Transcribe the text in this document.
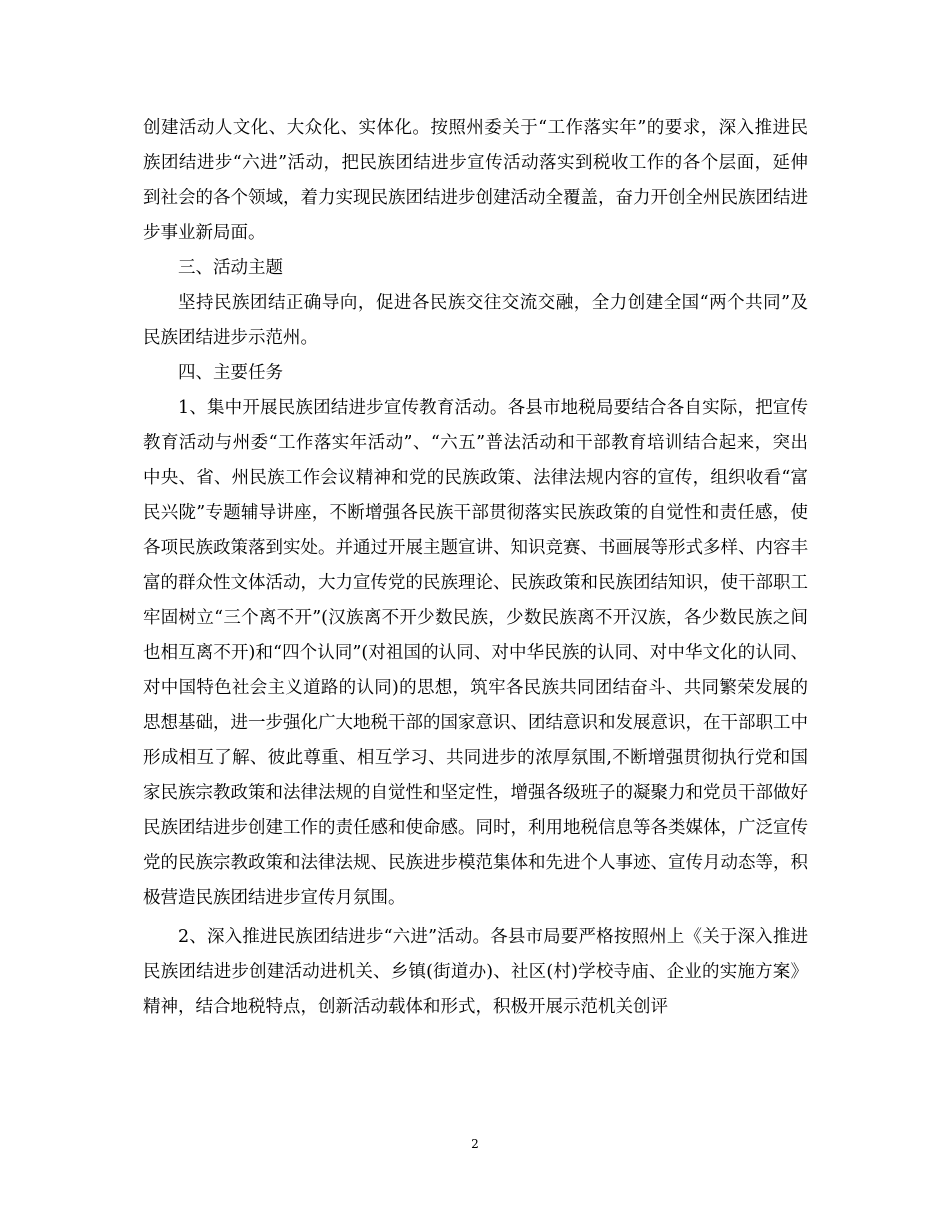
创建活动人文化、大众化、实体化。按照州委关于“工作落实年”的要求，深入推进民族团结进步“六进”活动，把民族团结进步宣传活动落实到税收工作的各个层面，延伸到社会的各个领域，着力实现民族团结进步创建活动全覆盖，奋力开创全州民族团结进步事业新局面。

三、活动主题

坚持民族团结正确导向，促进各民族交往交流交融，全力创建全国“两个共同”及民族团结进步示范州。

四、主要任务

1、集中开展民族团结进步宣传教育活动。各县市地税局要结合各自实际，把宣传教育活动与州委“工作落实年活动”、“六五”普法活动和干部教育培训结合起来，突出中央、省、州民族工作会议精神和党的民族政策、法律法规内容的宣传，组织收看“富民兴陇”专题辅导讲座，不断增强各民族干部贯彻落实民族政策的自觉性和责任感，使各项民族政策落到实处。并通过开展主题宣讲、知识竞赛、书画展等形式多样、内容丰富的群众性文体活动，大力宣传党的民族理论、民族政策和民族团结知识，使干部职工牢固树立“三个离不开”(汉族离不开少数民族，少数民族离不开汉族，各少数民族之间也相互离不开)和“四个认同”(对祖国的认同、对中华民族的认同、对中华文化的认同、对中国特色社会主义道路的认同)的思想，筑牢各民族共同团结奋斗、共同繁荣发展的思想基础，进一步强化广大地税干部的国家意识、团结意识和发展意识，在干部职工中形成相互了解、彼此尊重、相互学习、共同进步的浓厚氛围,不断增强贯彻执行党和国家民族宗教政策和法律法规的自觉性和坚定性，增强各级班子的凝聚力和党员干部做好民族团结进步创建工作的责任感和使命感。同时，利用地税信息等各类媒体，广泛宣传党的民族宗教政策和法律法规、民族进步模范集体和先进个人事迹、宣传月动态等，积极营造民族团结进步宣传月氛围。

2、深入推进民族团结进步“六进”活动。各县市局要严格按照州上《关于深入推进民族团结进步创建活动进机关、乡镇(街道办)、社区(村)学校寺庙、企业的实施方案》精神，结合地税特点，创新活动载体和形式，积极开展示范机关创评

2
